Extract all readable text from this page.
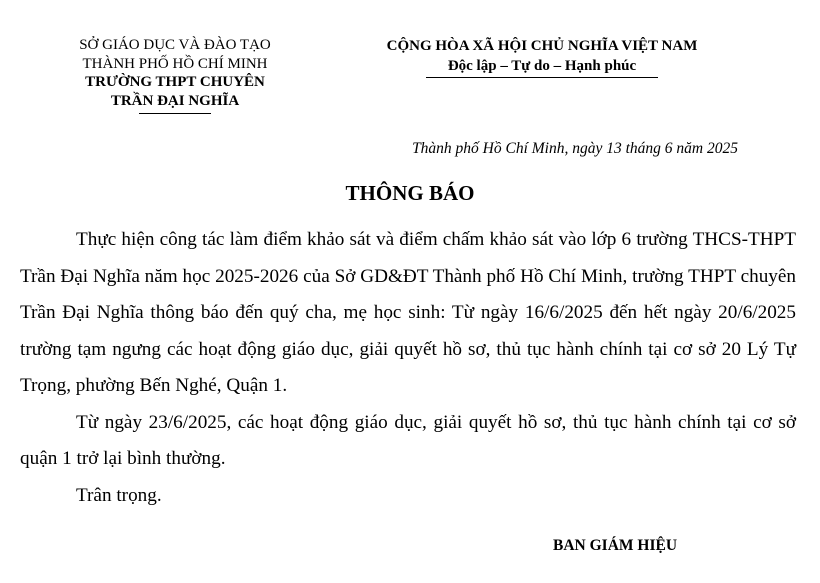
SỞ GIÁO DỤC VÀ ĐÀO TẠO
THÀNH PHỐ HỒ CHÍ MINH
TRƯỜNG THPT CHUYÊN
TRẦN ĐẠI NGHĨA
CỘNG HÒA XÃ HỘI CHỦ NGHĨA VIỆT NAM
Độc lập – Tự do – Hạnh phúc
Thành phố Hồ Chí Minh, ngày 13 tháng 6 năm 2025
THÔNG BÁO

Thực hiện công tác làm điểm khảo sát và điểm chấm khảo sát vào lớp 6 trường THCS-THPT Trần Đại Nghĩa năm học 2025-2026 của Sở GD&ĐT Thành phố Hồ Chí Minh, trường THPT chuyên Trần Đại Nghĩa thông báo đến quý cha, mẹ học sinh: Từ ngày 16/6/2025 đến hết ngày 20/6/2025 trường tạm ngưng các hoạt động giáo dục, giải quyết hồ sơ, thủ tục hành chính tại cơ sở 20 Lý Tự Trọng, phường Bến Nghé, Quận 1.

Từ ngày 23/6/2025, các hoạt động giáo dục, giải quyết hồ sơ, thủ tục hành chính tại cơ sở quận 1 trở lại bình thường.

Trân trọng.

BAN GIÁM HIỆU
